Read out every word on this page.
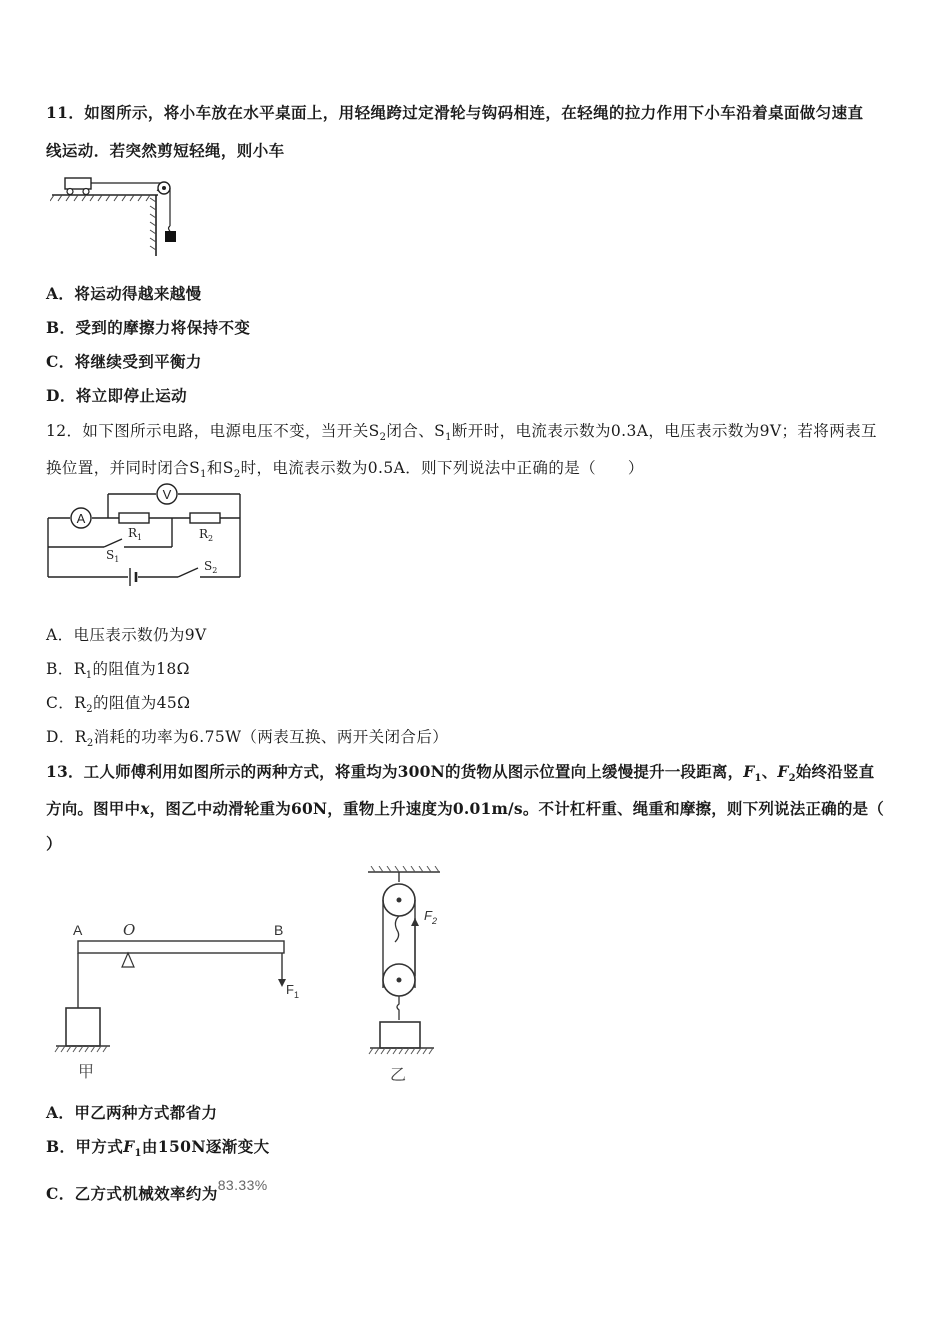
11．如图所示，将小车放在水平桌面上，用轻绳跨过定滑轮与钩码相连，在轻绳的拉力作用下小车沿着桌面做匀速直
线运动．若突然剪短轻绳，则小车
A．将运动得越来越慢
B．受到的摩擦力将保持不变
C．将继续受到平衡力
D．将立即停止运动
12．如下图所示电路，电源电压不变，当开关$S_2$闭合、$S_1$断开时，电流表示数为0.3A，电压表示数为9V；若将两表互
换位置，并同时闭合$S_1$和$S_2$时，电流表示数为0.5A．则下列说法中正确的是（　　）
V
A
$R_1$	$R_2$
$S_1$	$S_2$
A．电压表示数仍为9V
B．$R_1$的阻值为18Ω
C．$R_2$的阻值为45Ω
D．$R_2$消耗的功率为6.75W（两表互换、两开关闭合后）
13．工人师傅利用如图所示的两种方式，将重均为300N的货物从图示位置向上缓慢提升一段距离，$F_1$、$F_2$始终沿竖直
方向。图甲中x，图乙中动滑轮重为60N，重物上升速度为0.01m/s。不计杠杆重、绳重和摩擦，则下列说法正确的是（
）
A	O	B
$F_1$
甲
$F_2$
乙
A．甲乙两种方式都省力
B．甲方式$F_1$由150N逐渐变大
C．乙方式机械效率约为83.33%
